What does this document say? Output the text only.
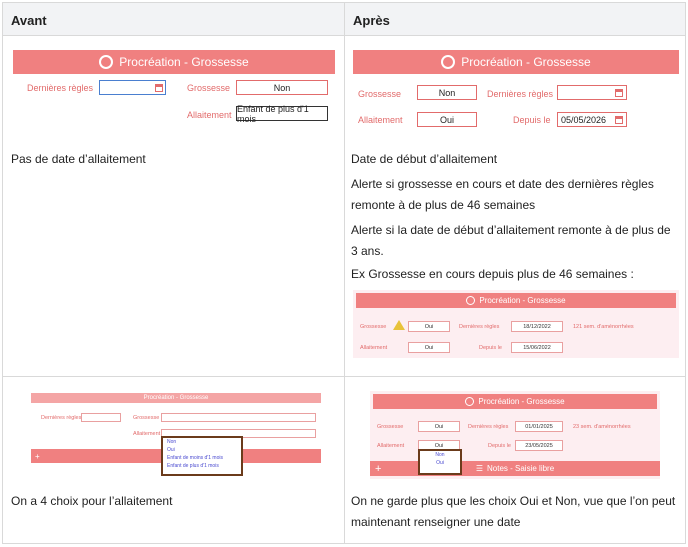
Avant	Après
Procréation - Grossesse
Dernières règles	Grossesse	Non
Allaitement
Enfant de plus d'1 mois
Procréation - Grossesse
Grossesse	Non	Dernières règles
Allaitement	Oui	Depuis le 05/05/2026
Pas de date d’allaitement	Date de début d’allaitement
Alerte si grossesse en cours et date des dernières règles remonte à de plus de 46 semaines
Alerte si la date de début d’allaitement remonte à de plus de 3 ans.
Ex Grossesse en cours depuis plus de 46 semaines :
Procréation - Grossesse
Grossesse	Oui	Dernières règles	18/12/2022	121 sem. d'aménorrhées
Allaitement	Oui	Depuis le	15/06/2022
Procréation - Grossesse
Dernières règles	Grossesse
Allaitement
+
Non
Oui
Enfant de moins d'1 mois
Enfant de plus d'1 mois
Procréation - Grossesse
Grossesse	Oui	Dernières règles	01/01/2025	23 sem. d'aménorrhées
Allaitement	Oui	Depuis le	23/05/2025
+	☰ Notes - Saisie libre
Non
Oui
On a 4 choix pour l’allaitement	On ne garde plus que les choix Oui et Non, vue que l’on peut maintenant renseigner une date
